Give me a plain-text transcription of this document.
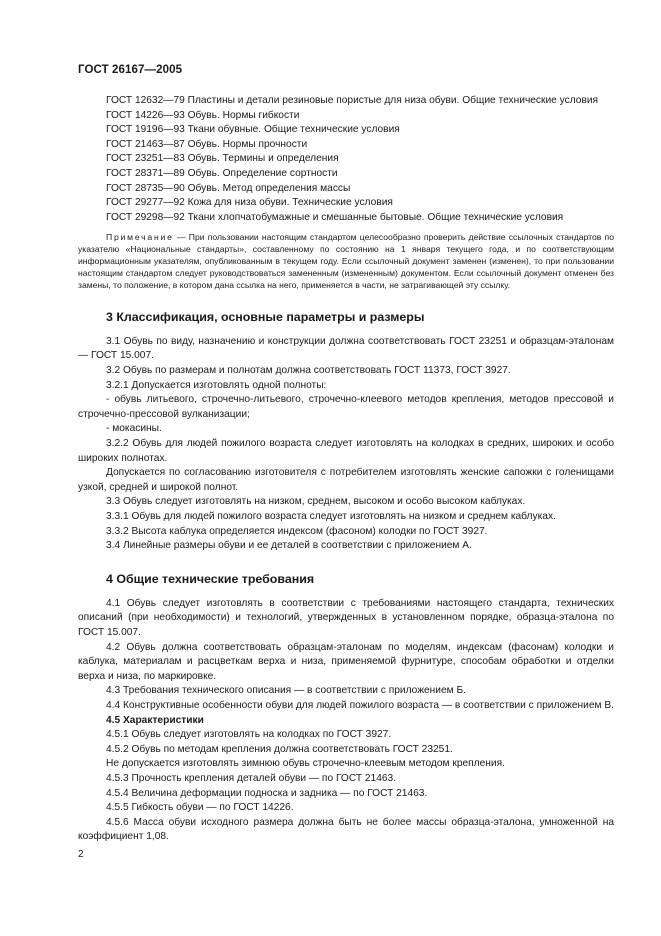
ГОСТ 26167—2005

ГОСТ 12632—79 Пластины и детали резиновые пористые для низа обуви. Общие технические условия

ГОСТ 14226—93 Обувь. Нормы гибкости

ГОСТ 19196—93 Ткани обувные. Общие технические условия

ГОСТ 21463—87 Обувь. Нормы прочности

ГОСТ 23251—83 Обувь. Термины и определения

ГОСТ 28371—89 Обувь. Определение сортности

ГОСТ 28735—90 Обувь. Метод определения массы

ГОСТ 29277—92 Кожа для низа обуви. Технические условия

ГОСТ 29298—92 Ткани хлопчатобумажные и смешанные бытовые. Общие технические условия

Примечание — При пользовании настоящим стандартом целесообразно проверить действие ссылочных стандартов по указателю «Национальные стандарты», составленному по состоянию на 1 января текущего года, и по соответствующим информационным указателям, опубликованным в текущем году. Если ссылочный документ заменен (изменен), то при пользовании настоящим стандартом следует руководствоваться замененным (измененным) документом. Если ссылочный документ отменен без замены, то положение, в котором дана ссылка на него, применяется в части, не затрагивающей эту ссылку.

3 Классификация, основные параметры и размеры

3.1 Обувь по виду, назначению и конструкции должна соответствовать ГОСТ 23251 и образцам-эталонам — ГОСТ 15.007.

3.2 Обувь по размерам и полнотам должна соответствовать ГОСТ 11373, ГОСТ 3927.

3.2.1 Допускается изготовлять одной полноты:

- обувь литьевого, строчечно-литьевого, строчечно-клеевого методов крепления, методов прессовой и строчечно-прессовой вулканизации;

- мокасины.

3.2.2 Обувь для людей пожилого возраста следует изготовлять на колодках в средних, широких и особо широких полнотах.

Допускается по согласованию изготовителя с потребителем изготовлять женские сапожки с голенищами узкой, средней и широкой полнот.

3.3 Обувь следует изготовлять на низком, среднем, высоком и особо высоком каблуках.

3.3.1 Обувь для людей пожилого возраста следует изготовлять на низком и среднем каблуках.

3.3.2 Высота каблука определяется индексом (фасоном) колодки по ГОСТ 3927.

3.4 Линейные размеры обуви и ее деталей в соответствии с приложением А.

4 Общие технические требования

4.1 Обувь следует изготовлять в соответствии с требованиями настоящего стандарта, технических описаний (при необходимости) и технологий, утвержденных в установленном порядке, образца-эталона по ГОСТ 15.007.

4.2 Обувь должна соответствовать образцам-эталонам по моделям, индексам (фасонам) колодки и каблука, материалам и расцветкам верха и низа, применяемой фурнитуре, способам обработки и отделки верха и низа, по маркировке.

4.3 Требования технического описания — в соответствии с приложением Б.

4.4 Конструктивные особенности обуви для людей пожилого возраста — в соответствии с приложением В.

4.5 Характеристики

4.5.1 Обувь следует изготовлять на колодках по ГОСТ 3927.

4.5.2 Обувь по методам крепления должна соответствовать ГОСТ 23251.

Не допускается изготовлять зимнюю обувь строчечно-клеевым методом крепления.

4.5.3 Прочность крепления деталей обуви — по ГОСТ 21463.

4.5.4 Величина деформации подноска и задника — по ГОСТ 21463.

4.5.5 Гибкость обуви — по ГОСТ 14226.

4.5.6 Масса обуви исходного размера должна быть не более массы образца-эталона, умноженной на коэффициент 1,08.

2
